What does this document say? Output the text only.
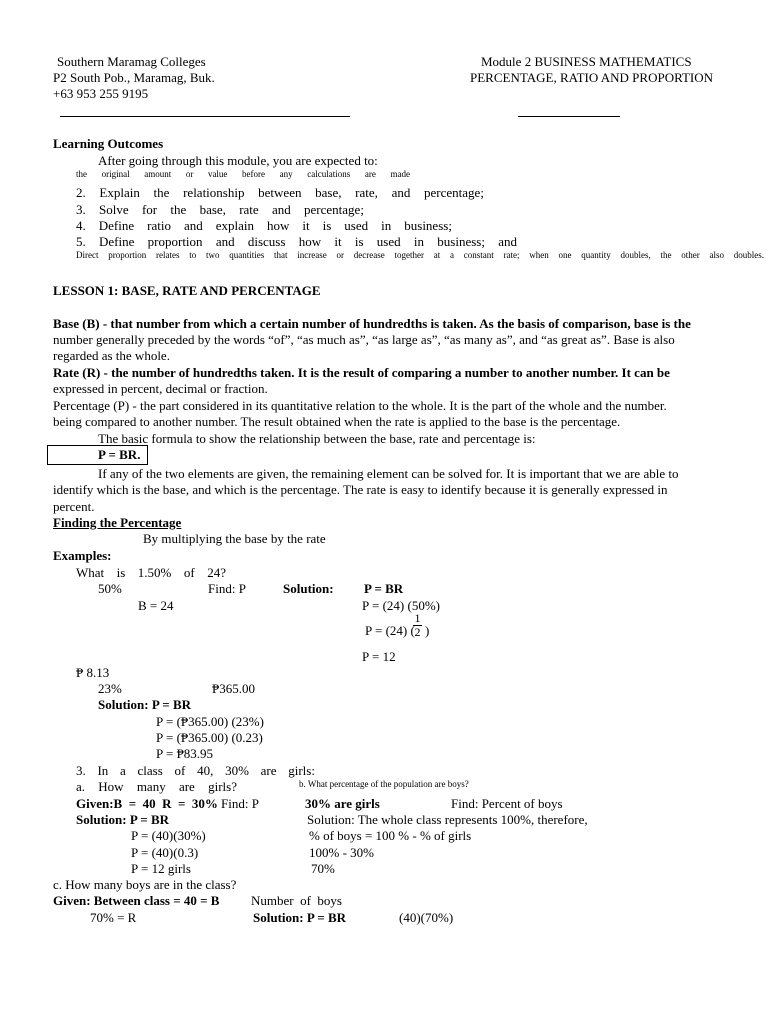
Southern Maramag Colleges
P2 South Pob., Maramag, Buk.
+63 953 255 9195
Module 2 BUSINESS MATHEMATICS
PERCENTAGE, RATIO AND PROPORTION
Learning Outcomes
After going through this module, you are expected to:
the original amount or value before any calculations are made
2. Explain the relationship between base, rate, and percentage;
3. Solve for the base, rate and percentage;
4. Define ratio and explain how it is used in business;
5. Define proportion and discuss how it is used in business; and
Direct proportion relates to two quantities that increase or decrease together at a constant rate; when one quantity doubles, the other also doubles.
LESSON 1: BASE, RATE AND PERCENTAGE
Base (B) - that number from which a certain number of hundredths is taken. As the basis of comparison, base is the
number generally preceded by the words “of”, “as much as”, “as large as”, “as many as”, and “as great as”. Base is also
regarded as the whole.
Rate (R) - the number of hundredths taken. It is the result of comparing a number to another number. It can be
expressed in percent, decimal or fraction.
Percentage (P) - the part considered in its quantitative relation to the whole. It is the part of the whole and the number.
being compared to another number. The result obtained when the rate is applied to the base is the percentage.
The basic formula to show the relationship between the base, rate and percentage is:
P = BR.
If any of the two elements are given, the remaining element can be solved for. It is important that we are able to
identify which is the base, and which is the percentage. The rate is easy to identify because it is generally expressed in
percent.
Finding the Percentage
By multiplying the base by the rate
Examples:
What is 1.50% of 24?
50%	Find: P	Solution: P = BR
B = 24	P = (24) (50%)
P = (24) (
1
2 )
P = 12
₱ 8.13
23%	₱365.00
Solution: P = BR
P = (₱365.00) (23%)
P = (₱365.00) (0.23)
P = ₱83.95
3. In a class of 40, 30% are girls:
a. How many are girls?	b. What percentage of the population are boys?
Given:B  =  40  R  =  30% Find: P	30% are girls	Find: Percent of boys
Solution: P = BR	Solution: The whole class represents 100%, therefore,
P = (40)(30%)	% of boys = 100 % - % of girls
P = (40)(0.3)	100% - 30%
P = 12 girls	70%
c. How many boys are in the class?
Given: Between class = 40 = B Number  of  boys
70% = R	Solution: P = BR	(40)(70%)
